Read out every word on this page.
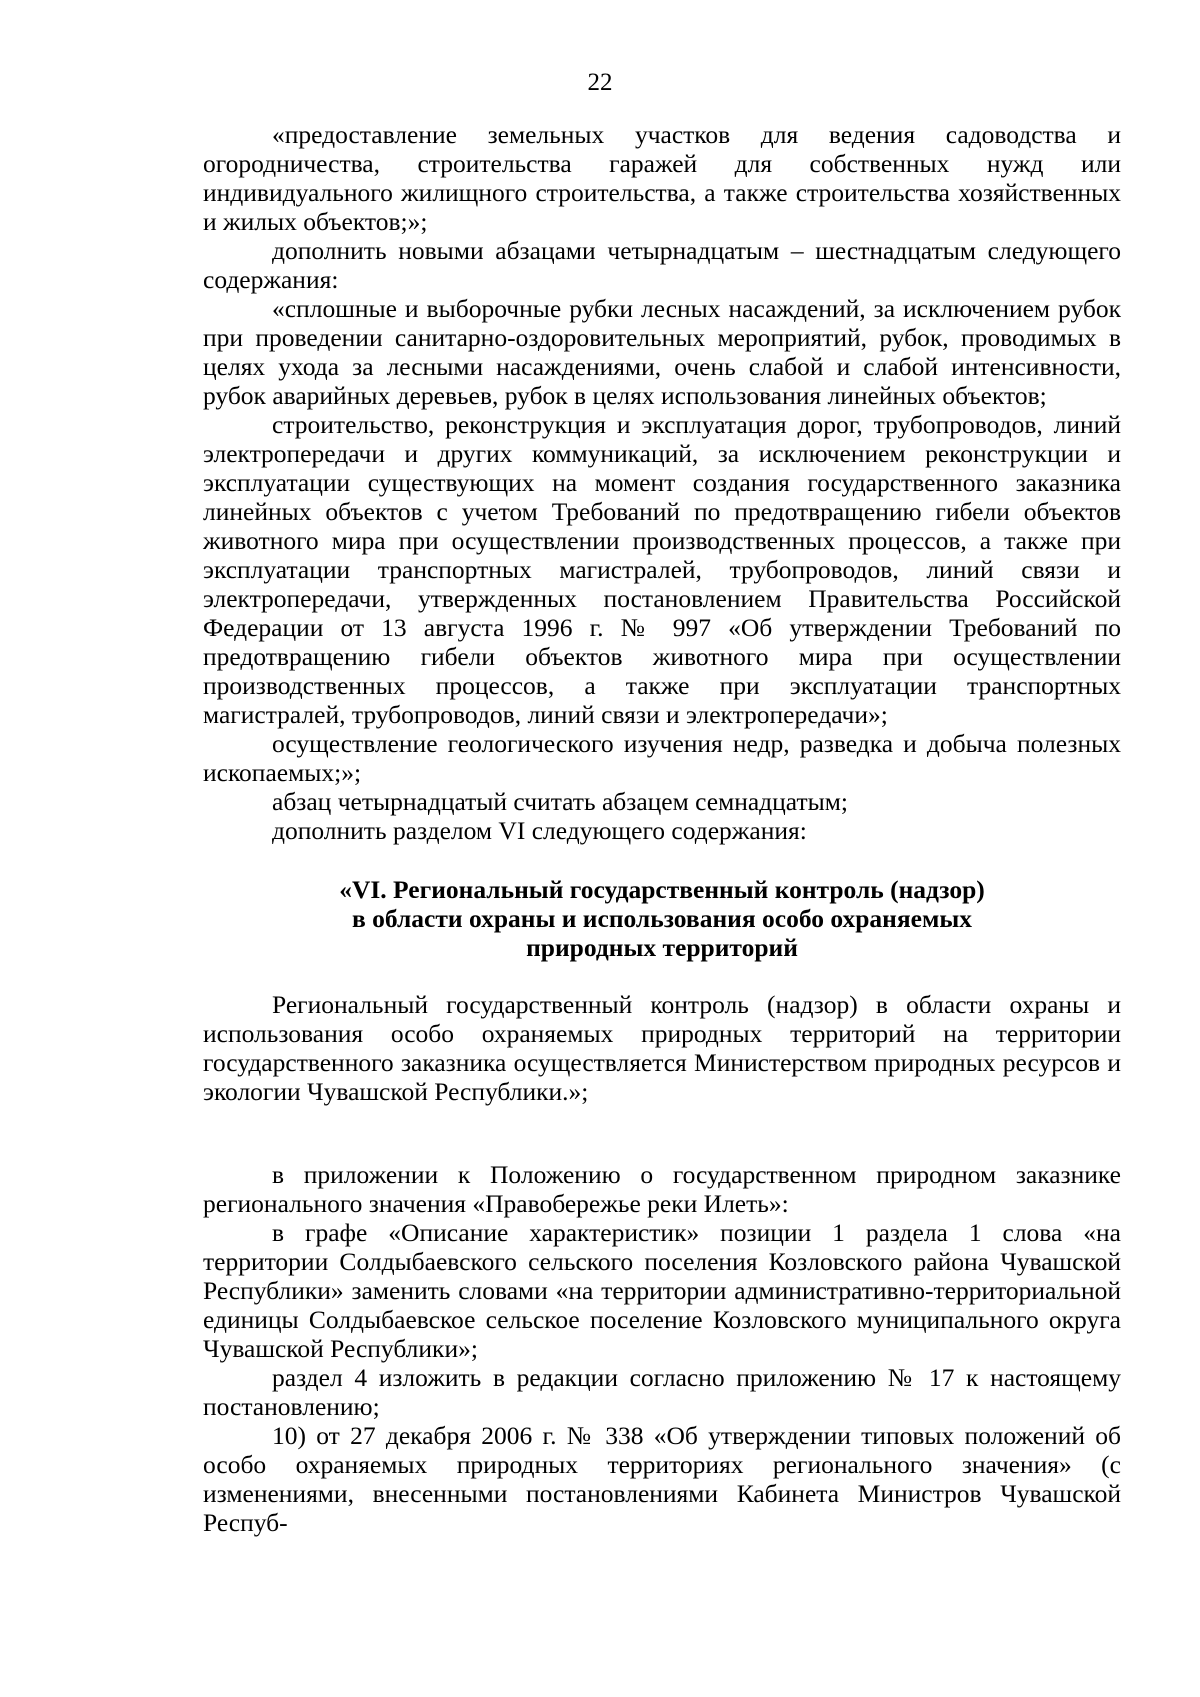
22

«предоставление земельных участков для ведения садоводства и огородничества, строительства гаражей для собственных нужд или индивидуального жилищного строительства, а также строительства хозяйственных и жилых объектов;»;

дополнить новыми абзацами четырнадцатым – шестнадцатым следующего содержания:

«сплошные и выборочные рубки лесных насаждений, за исключением рубок при проведении санитарно-оздоровительных мероприятий, рубок, проводимых в целях ухода за лесными насаждениями, очень слабой и слабой интенсивности, рубок аварийных деревьев, рубок в целях использования линейных объектов;

строительство, реконструкция и эксплуатация дорог, трубопроводов, линий электропередачи и других коммуникаций, за исключением реконструкции и эксплуатации существующих на момент создания государственного заказника линейных объектов с учетом Требований по предотвращению гибели объектов животного мира при осуществлении производственных процессов, а также при эксплуатации транспортных магистралей, трубопроводов, линий связи и электропередачи, утвержденных постановлением Правительства Российской Федерации от 13 августа 1996 г. № 997 «Об утверждении Требований по предотвращению гибели объектов животного мира при осуществлении производственных процессов, а также при эксплуатации транспортных магистралей, трубопроводов, линий связи и электропередачи»;

осуществление геологического изучения недр, разведка и добыча полезных ископаемых;»;

абзац четырнадцатый считать абзацем семнадцатым;

дополнить разделом VI следующего содержания:

«VI. Региональный государственный контроль (надзор)

в области охраны и использования особо охраняемых

природных территорий

Региональный государственный контроль (надзор) в области охраны и использования особо охраняемых природных территорий на территории государственного заказника осуществляется Министерством природных ресурсов и экологии Чувашской Республики.»;

в приложении к Положению о государственном природном заказнике регионального значения «Правобережье реки Илеть»:

в графе «Описание характеристик» позиции 1 раздела 1 слова «на территории Солдыбаевского сельского поселения Козловского района Чувашской Республики» заменить словами «на территории административно-территориальной единицы Солдыбаевское сельское поселение Козловского муниципального округа Чувашской Республики»;

раздел 4 изложить в редакции согласно приложению № 17 к настоящему постановлению;

10) от 27 декабря 2006 г. № 338 «Об утверждении типовых положений об особо охраняемых природных территориях регионального значения» (с изменениями, внесенными постановлениями Кабинета Министров Чувашской Респуб-
